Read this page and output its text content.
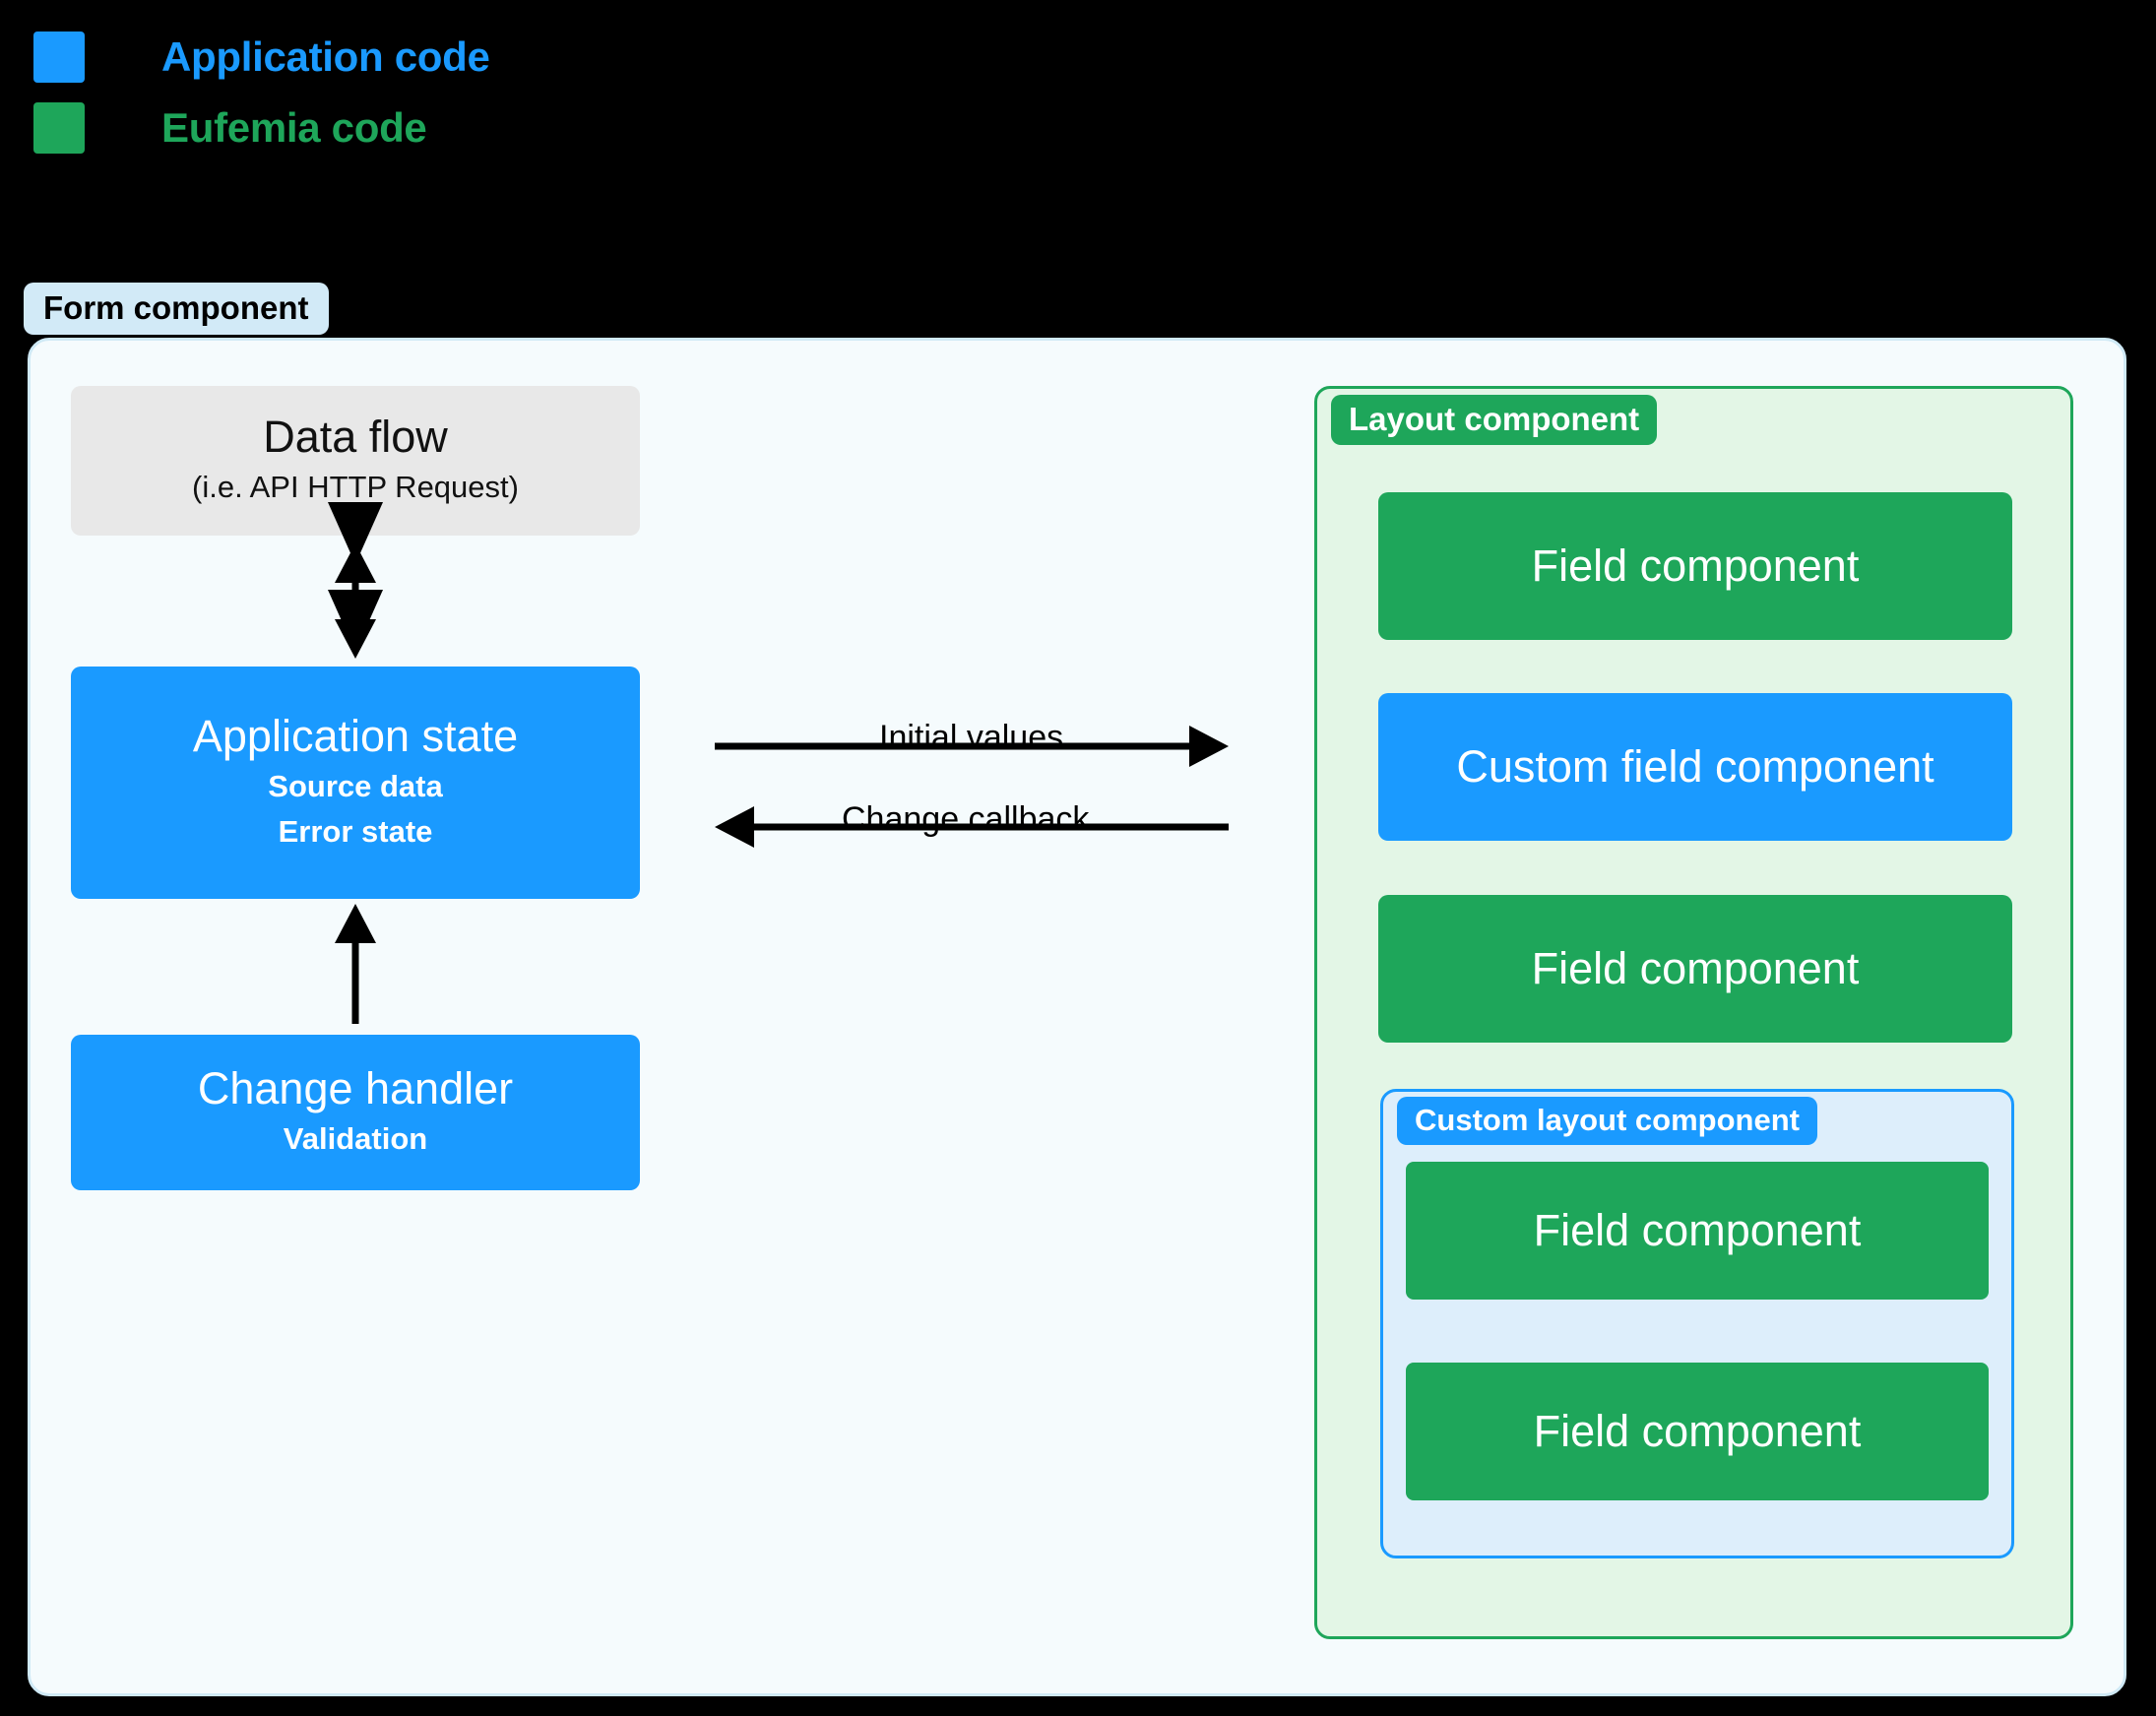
Application code
Eufemia code
Form component
Data flow
(i.e. API HTTP Request)
Application state
Source data
Error state
Change handler
Validation
Initial values
Change callback
Layout component
Field component
Custom field component
Field component
Custom layout component
Field component
Field component
